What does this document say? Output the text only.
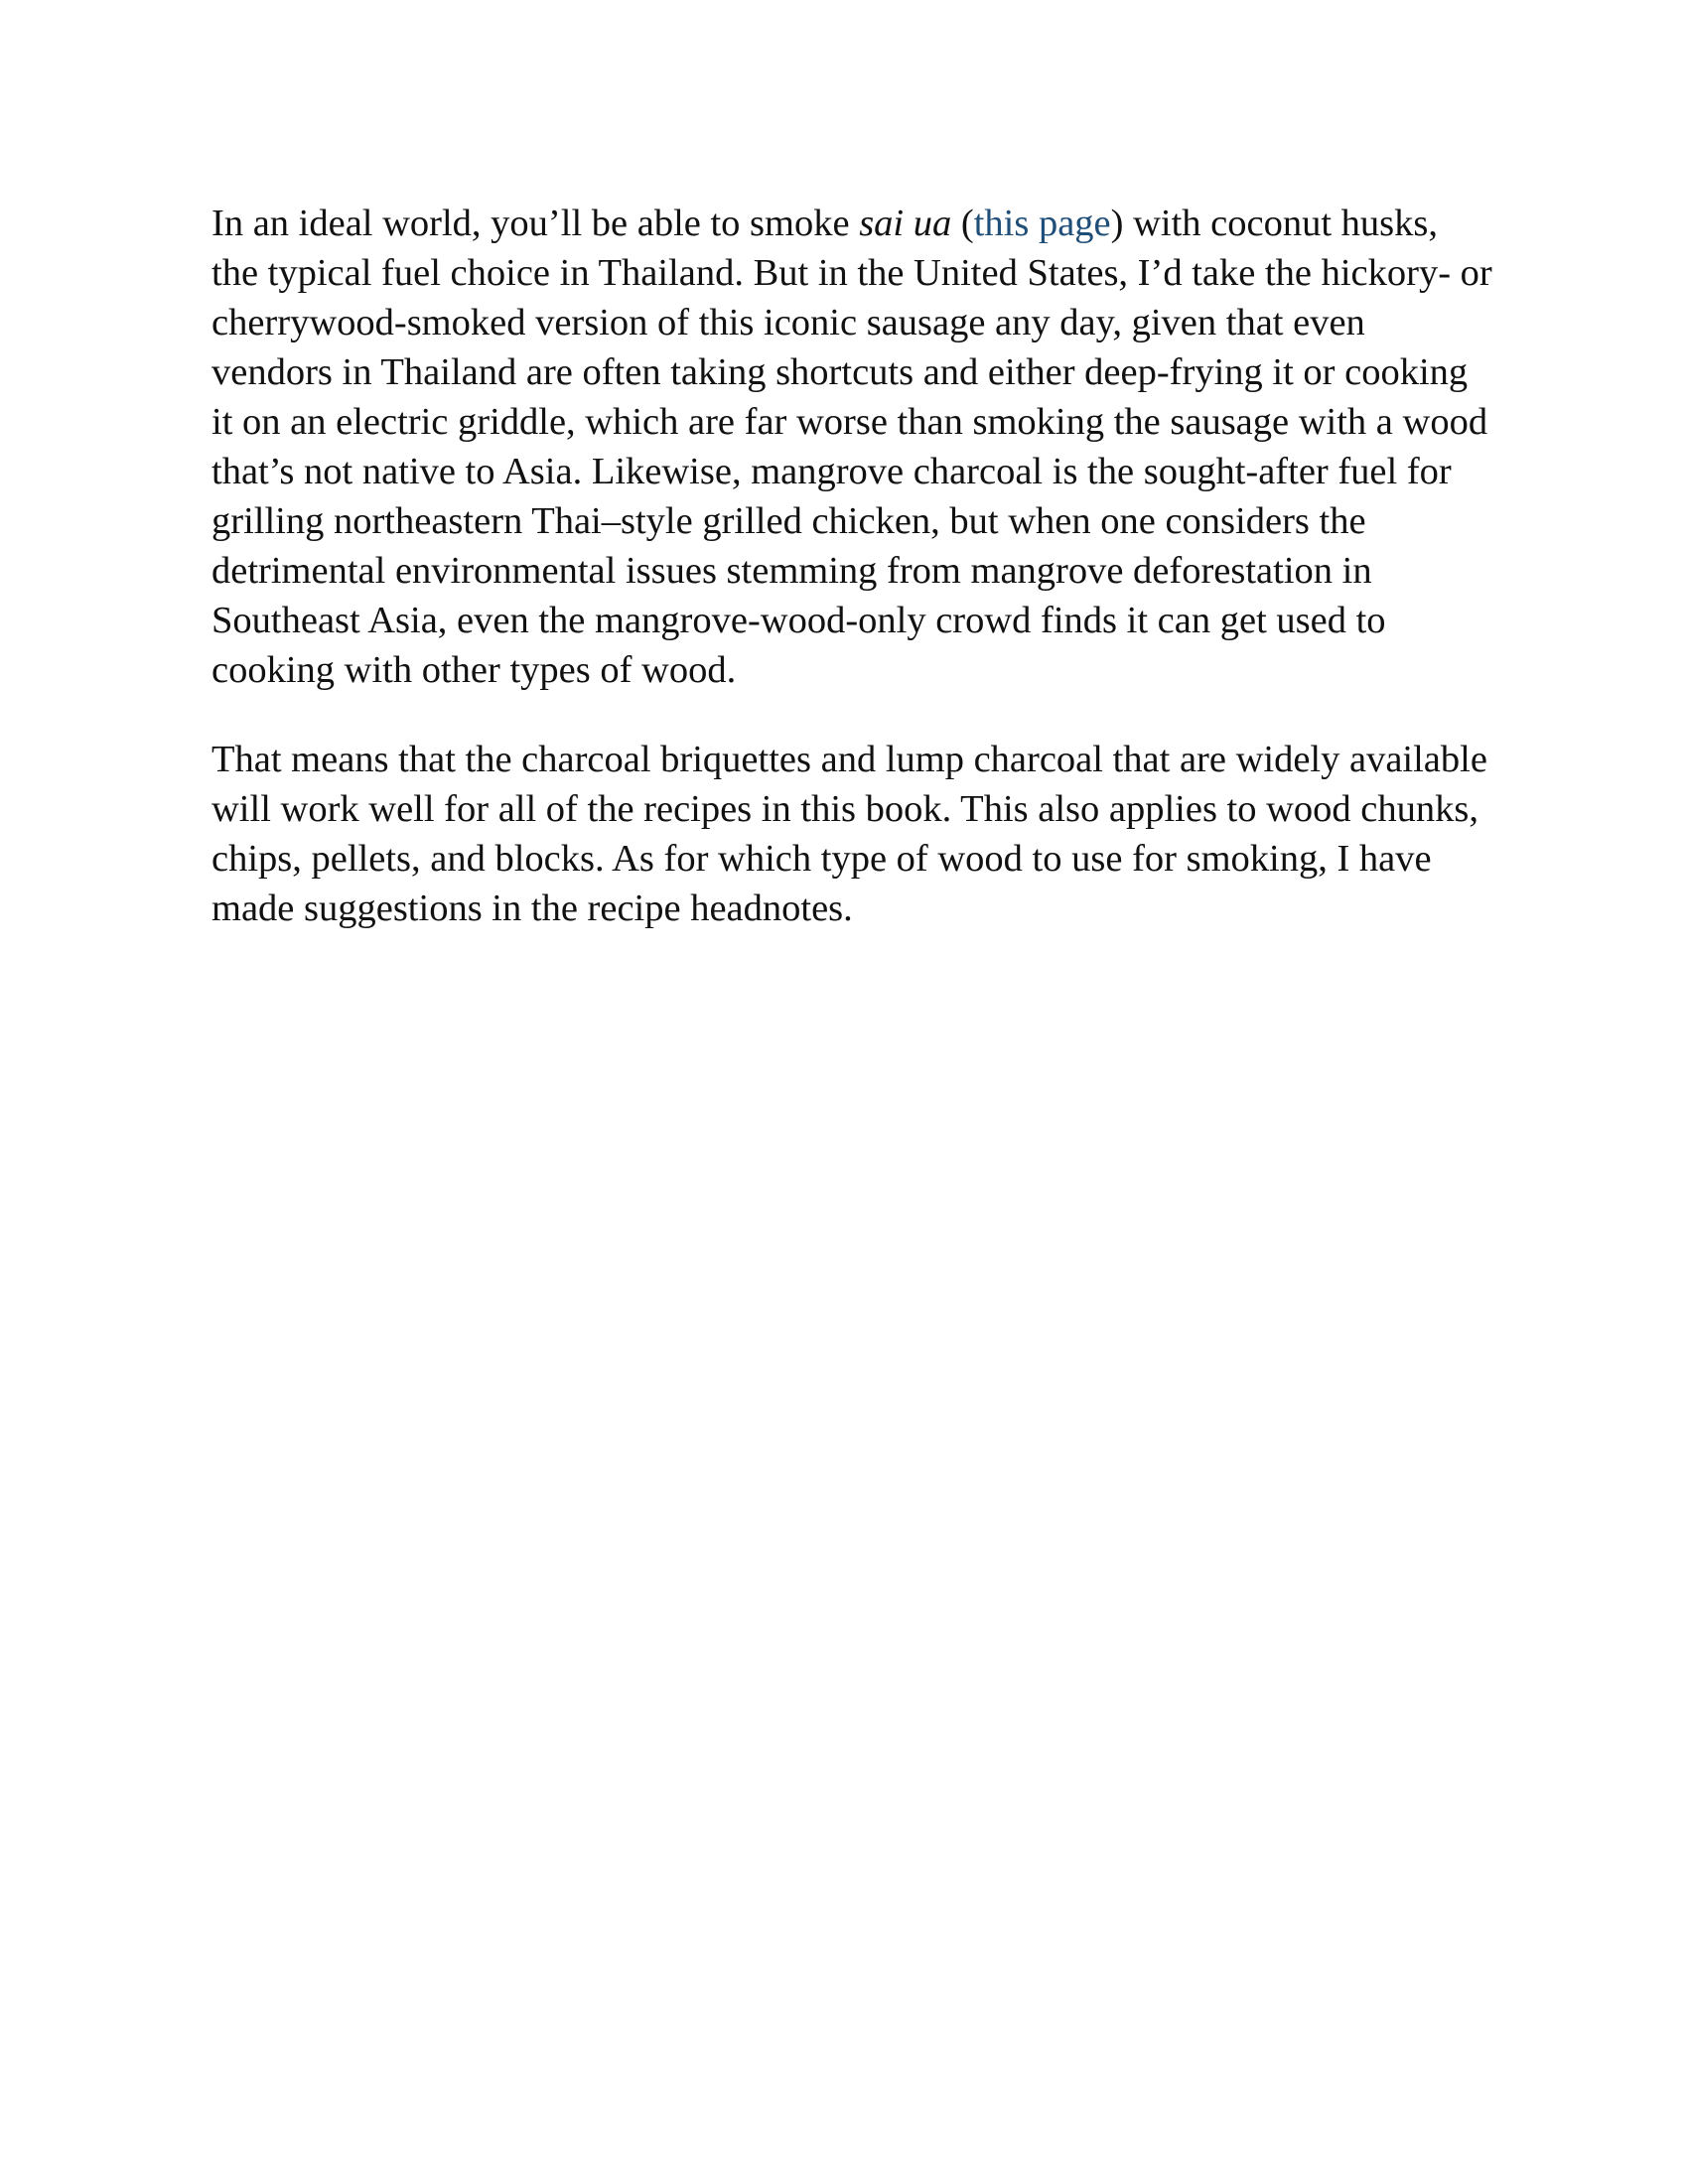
In an ideal world, you’ll be able to smoke sai ua (this page) with coconut husks, the typical fuel choice in Thailand. But in the United States, I’d take the hickory- or cherrywood-smoked version of this iconic sausage any day, given that even vendors in Thailand are often taking shortcuts and either deep-frying it or cooking it on an electric griddle, which are far worse than smoking the sausage with a wood that’s not native to Asia. Likewise, mangrove charcoal is the sought-after fuel for grilling northeastern Thai–style grilled chicken, but when one considers the detrimental environmental issues stemming from mangrove deforestation in Southeast Asia, even the mangrove-wood-only crowd finds it can get used to cooking with other types of wood.

That means that the charcoal briquettes and lump charcoal that are widely available will work well for all of the recipes in this book. This also applies to wood chunks, chips, pellets, and blocks. As for which type of wood to use for smoking, I have made suggestions in the recipe headnotes.
